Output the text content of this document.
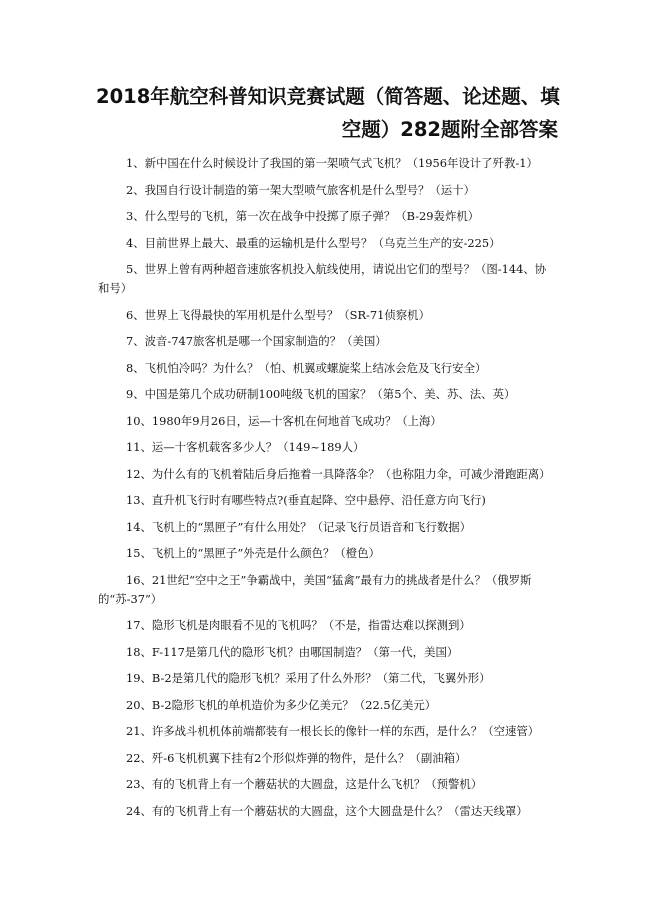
2018年航空科普知识竞赛试题（简答题、论述题、填
空题）282题附全部答案
1、新中国在什么时候设计了我国的第一架喷气式飞机？（1956年设计了歼教-1）
2、我国自行设计制造的第一架大型喷气旅客机是什么型号？（运十）
3、什么型号的飞机，第一次在战争中投掷了原子弹？（B-29轰炸机）
4、目前世界上最大、最重的运输机是什么型号？（乌克兰生产的安-225）
5、世界上曾有两种超音速旅客机投入航线使用，请说出它们的型号？（图-144、协和号）
6、世界上飞得最快的军用机是什么型号？（SR-71侦察机）
7、波音-747旅客机是哪一个国家制造的？（美国）
8、飞机怕冷吗？为什么？（怕、机翼或螺旋桨上结冰会危及飞行安全）
9、中国是第几个成功研制100吨级飞机的国家？（第5个、美、苏、法、英）
10、1980年9月26日，运—十客机在何地首飞成功？（上海）
11、运—十客机载客多少人？（149~189人）
12、为什么有的飞机着陆后身后拖着一具降落伞？（也称阻力伞，可减少滑跑距离）
13、直升机飞行时有哪些特点?(垂直起降、空中悬停、沿任意方向飞行)
14、飞机上的“黑匣子”有什么用处？（记录飞行员语音和飞行数据）
15、飞机上的“黑匣子”外壳是什么颜色？（橙色）
16、21世纪“空中之王”争霸战中，美国“猛禽”最有力的挑战者是什么？（俄罗斯的“苏-37”）
17、隐形飞机是肉眼看不见的飞机吗？（不是，指雷达难以探测到）
18、F-117是第几代的隐形飞机？由哪国制造？（第一代，美国）
19、B-2是第几代的隐形飞机？采用了什么外形？（第二代，飞翼外形）
20、B-2隐形飞机的单机造价为多少亿美元？（22.5亿美元）
21、许多战斗机机体前端都装有一根长长的像针一样的东西，是什么？（空速管）
22、歼-6飞机机翼下挂有2个形似炸弹的物件，是什么？（副油箱）
23、有的飞机背上有一个蘑菇状的大圆盘，这是什么飞机？（预警机）
24、有的飞机背上有一个蘑菇状的大圆盘，这个大圆盘是什么？（雷达天线罩）
